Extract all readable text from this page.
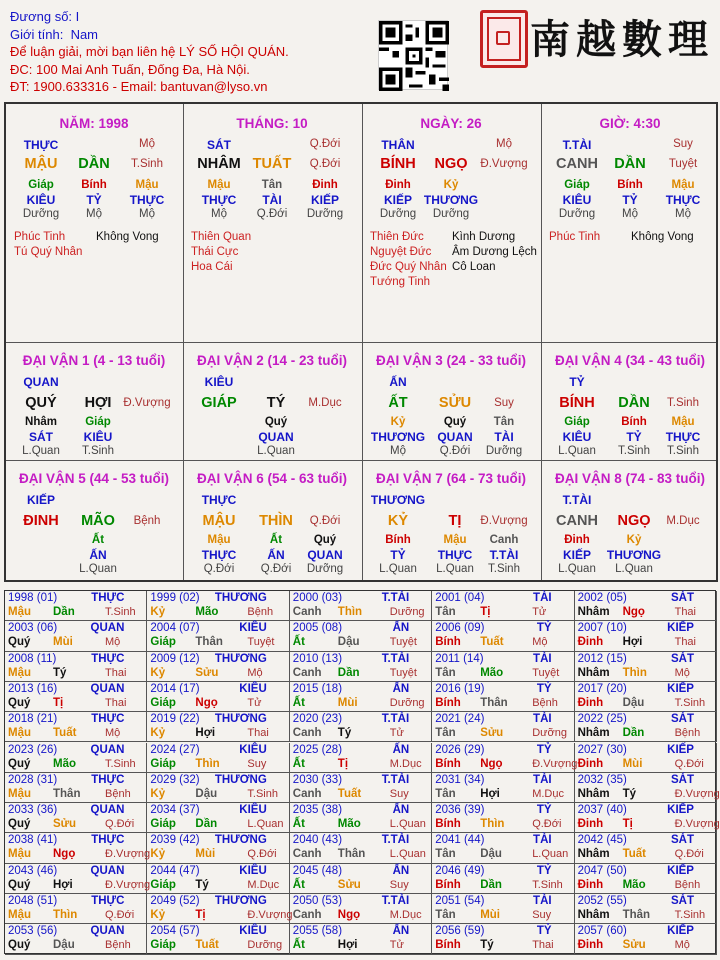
Đương số: I
Giới tính: Nam
Để luận giải, mời bạn liên hệ LÝ SỐ HỘI QUÁN.
ĐC: 100 Mai Anh Tuấn, Đống Đa, Hà Nội.
ĐT: 1900.633316 - Email: bantuvan@lyso.vn
南越數理
NĂM: 1998
THỰC	Mộ
MẬU	DẦN	T.Sinh
Giáp
KIÊU
Dưỡng
Bính
TỶ
Mộ
Mậu
THỰC
Mộ
Phúc Tinh
Tú Quý Nhân
Không Vong
THÁNG: 10
SÁT	Q.Đới
NHÂM TUẤT	Q.Đới
Mậu
THỰC
Mộ
Tân
TÀI
Q.Đới
Đinh
KIẾP
Dưỡng
Thiên Quan
Thái Cực
Hoa Cái
NGÀY: 26
THÂN	Mộ
BÍNH	NGỌ	Đ.Vượng
Đinh
KIẾP
Dưỡng
Kỷ
THƯƠNG
Dưỡng
Thiên Đức
Nguyệt Đức
Đức Quý Nhân
Tướng Tinh
Kình Dương
Âm Dương Lệch
Cô Loan
GIỜ: 4:30
T.TÀI	Suy
CANH	DẦN	Tuyệt
Giáp
KIÊU
Dưỡng
Bính
TỶ
Mộ
Mậu
THỰC
Mộ
Phúc Tinh	Không Vong
ĐẠI VẬN 1 (4 - 13 tuổi)
QUAN
QUÝ	HỢI	Đ.Vượng
Nhâm
SÁT
L.Quan
Giáp
KIÊU
T.Sinh
ĐẠI VẬN 2 (14 - 23 tuổi)
KIÊU
GIÁP	TÝ	M.Dục
Quý
QUAN
L.Quan
ĐẠI VẬN 3 (24 - 33 tuổi)
ẤN
ẤT	SỬU	Suy
Kỷ
THƯƠNG
Mộ
Quý
QUAN
Q.Đới
Tân
TÀI
Dưỡng
ĐẠI VẬN 4 (34 - 43 tuổi)
TỶ
BÍNH	DẦN	T.Sinh
Giáp
KIÊU
L.Quan
Bính
TỶ
T.Sinh
Mậu
THỰC
T.Sinh
ĐẠI VẬN 5 (44 - 53 tuổi)
KIẾP
ĐINH	MÃO	Bệnh
Ất
ẤN
L.Quan
ĐẠI VẬN 6 (54 - 63 tuổi)
THỰC
MẬU	THÌN	Q.Đới
Mậu
THỰC
Q.Đới
Ất
ẤN
Q.Đới
Quý
QUAN
Dưỡng
ĐẠI VẬN 7 (64 - 73 tuổi)
THƯƠNG
KỶ	TỊ	Đ.Vượng
Bính
TỶ
L.Quan
Mậu
THỰC
L.Quan
Canh
T.TÀI
T.Sinh
ĐẠI VẬN 8 (74 - 83 tuổi)
T.TÀI
CANH	NGỌ	M.Dục
Đinh
KIẾP
L.Quan
Kỷ
THƯƠNG
L.Quan
1998 (01)	THỰC
Mậu Dần	T.Sinh
1999 (02) THƯƠNG
Kỷ	Mão	Bệnh
2000 (03)	T.TÀI
Canh Thìn	Dưỡng
2001 (04)	TÀI
Tân Tị	Tử
2002 (05)	SÁT
Nhâm Ngọ	Thai
2003 (06)	QUAN
Quý Mùi	Mộ
2004 (07)	KIÊU
Giáp Thân Tuyệt
2005 (08)	ẤN
Ất	Dậu	Tuyệt
2006 (09)	TỶ
Bính Tuất	Mộ
2007 (10)	KIẾP
Đinh Hợi	Thai
2008 (11)	THỰC
Mậu Tý	Thai
2009 (12) THƯƠNG
Kỷ	Sửu	Mộ
2010 (13)	T.TÀI
Canh Dần	Tuyệt
2011 (14)	TÀI
Tân Mão	Tuyệt
2012 (15)	SÁT
Nhâm Thìn	Mộ
2013 (16)	QUAN
Quý Tị	Thai
2014 (17)	KIÊU
Giáp Ngọ	Tử
2015 (18)	ẤN
Ất	Mùi	Dưỡng
2016 (19)	TỶ
Bính Thân Bệnh
2017 (20)	KIẾP
Đinh Dậu	T.Sinh
2018 (21)	THỰC
Mậu Tuất	Mộ
2019 (22) THƯƠNG
Kỷ	Hợi	Thai
2020 (23)	T.TÀI
Canh Tý	Tử
2021 (24)	TÀI
Tân Sửu	Dưỡng
2022 (25)	SÁT
Nhâm Dần	Bệnh
2023 (26)	QUAN
Quý Mão	T.Sinh
2024 (27)	KIÊU
Giáp Thìn	Suy
2025 (28)	ẤN
Ất	Tị	M.Dục
2026 (29)	TỶ
Bính Ngọ	Đ.Vượng
2027 (30)	KIẾP
Đinh Mùi	Q.Đới
2028 (31)	THỰC
Mậu Thân Bệnh
2029 (32) THƯƠNG
Kỷ	Dậu	T.Sinh
2030 (33)	T.TÀI
Canh Tuất	Suy
2031 (34)	TÀI
Tân Hợi	M.Dục
2032 (35)	SÁT
Nhâm Tý	Đ.Vượng
2033 (36)	QUAN
Quý Sửu	Q.Đới
2034 (37)	KIÊU
Giáp Dần	L.Quan
2035 (38)	ẤN
Ất	Mão	L.Quan
2036 (39)	TỶ
Bính Thìn	Q.Đới
2037 (40)	KIẾP
Đinh Tị	Đ.Vượng
2038 (41)	THỰC
Mậu Ngọ	Đ.Vượng
2039 (42) THƯƠNG
Kỷ	Mùi	Q.Đới
2040 (43)	T.TÀI
Canh Thân L.Quan
2041 (44)	TÀI
Tân Dậu	L.Quan
2042 (45)	SÁT
Nhâm Tuất	Q.Đới
2043 (46)	QUAN
Quý Hợi	Đ.Vượng
2044 (47)	KIÊU
Giáp Tý	M.Dục
2045 (48)	ẤN
Ất	Sửu	Suy
2046 (49)	TỶ
Bính Dần	T.Sinh
2047 (50)	KIẾP
Đinh Mão	Bệnh
2048 (51)	THỰC
Mậu Thìn	Q.Đới
2049 (52) THƯƠNG
Kỷ	Tị	Đ.Vượng
2050 (53)	T.TÀI
Canh Ngọ	M.Dục
2051 (54)	TÀI
Tân Mùi	Suy
2052 (55)	SÁT
Nhâm Thân T.Sinh
2053 (56)	QUAN
Quý Dậu	Bệnh
2054 (57)	KIÊU
Giáp Tuất	Dưỡng
2055 (58)	ẤN
Ất	Hợi	Tử
2056 (59)	TỶ
Bính Tý	Thai
2057 (60)	KIẾP
Đinh Sửu	Mộ
